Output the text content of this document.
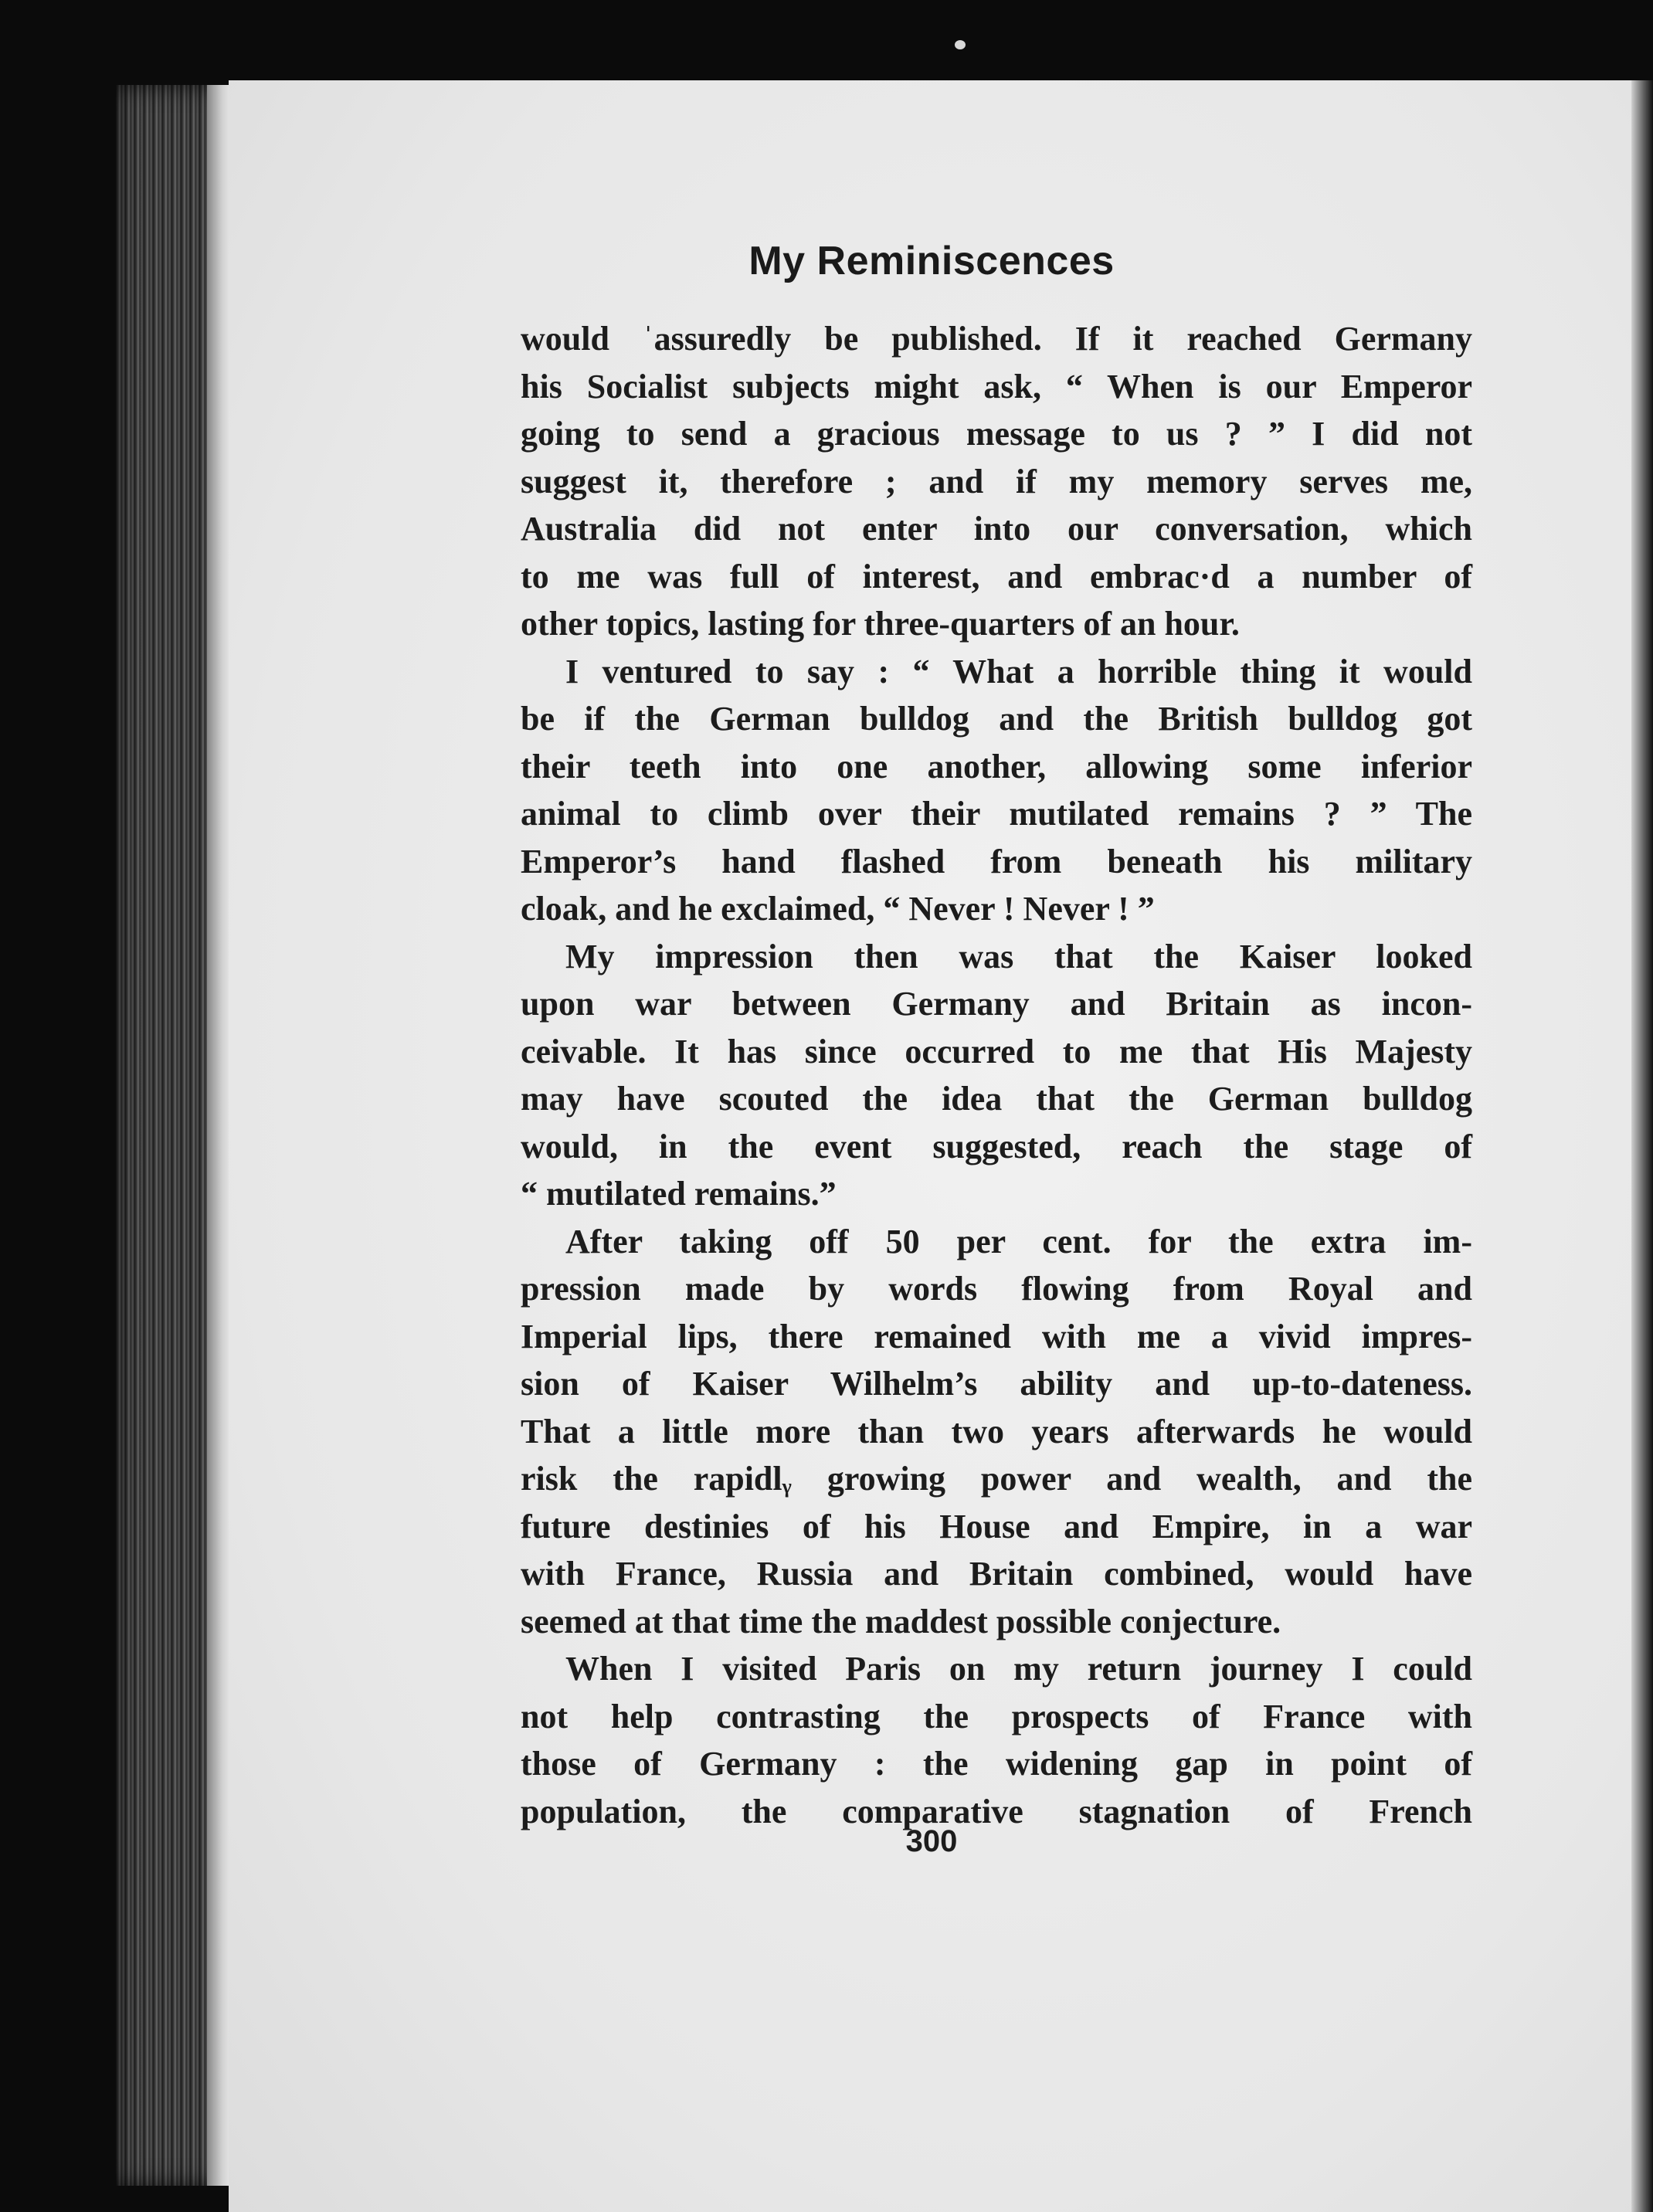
My Reminiscences
would ˈassuredly be published. If it reached Germany
his Socialist subjects might ask, “ When is our Emperor
going to send a gracious message to us ? ” I did not
suggest it, therefore ; and if my memory serves me,
Australia did not enter into our conversation, which
to me was full of interest, and embrac·d a number of
other topics, lasting for three-quarters of an hour.
I ventured to say : “ What a horrible thing it would
be if the German bulldog and the British bulldog got
their teeth into one another, allowing some inferior
animal to climb over their mutilated remains ? ” The
Emperor’s hand flashed from beneath his military
cloak, and he exclaimed, “ Never ! Never ! ”
My impression then was that the Kaiser looked
upon war between Germany and Britain as incon-
ceivable. It has since occurred to me that His Majesty
may have scouted the idea that the German bulldog
would, in the event suggested, reach the stage of
“ mutilated remains.”
After taking off 50 per cent. for the extra im-
pression made by words flowing from Royal and
Imperial lips, there remained with me a vivid impres-
sion of Kaiser Wilhelm’s ability and up-to-dateness.
That a little more than two years afterwards he would
risk the rapidlᵧ growing power and wealth, and the
future destinies of his House and Empire, in a war
with France, Russia and Britain combined, would have
seemed at that time the maddest possible conjecture.
When I visited Paris on my return journey I could
not help contrasting the prospects of France with
those of Germany : the widening gap in point of
population, the comparative stagnation of French
300
